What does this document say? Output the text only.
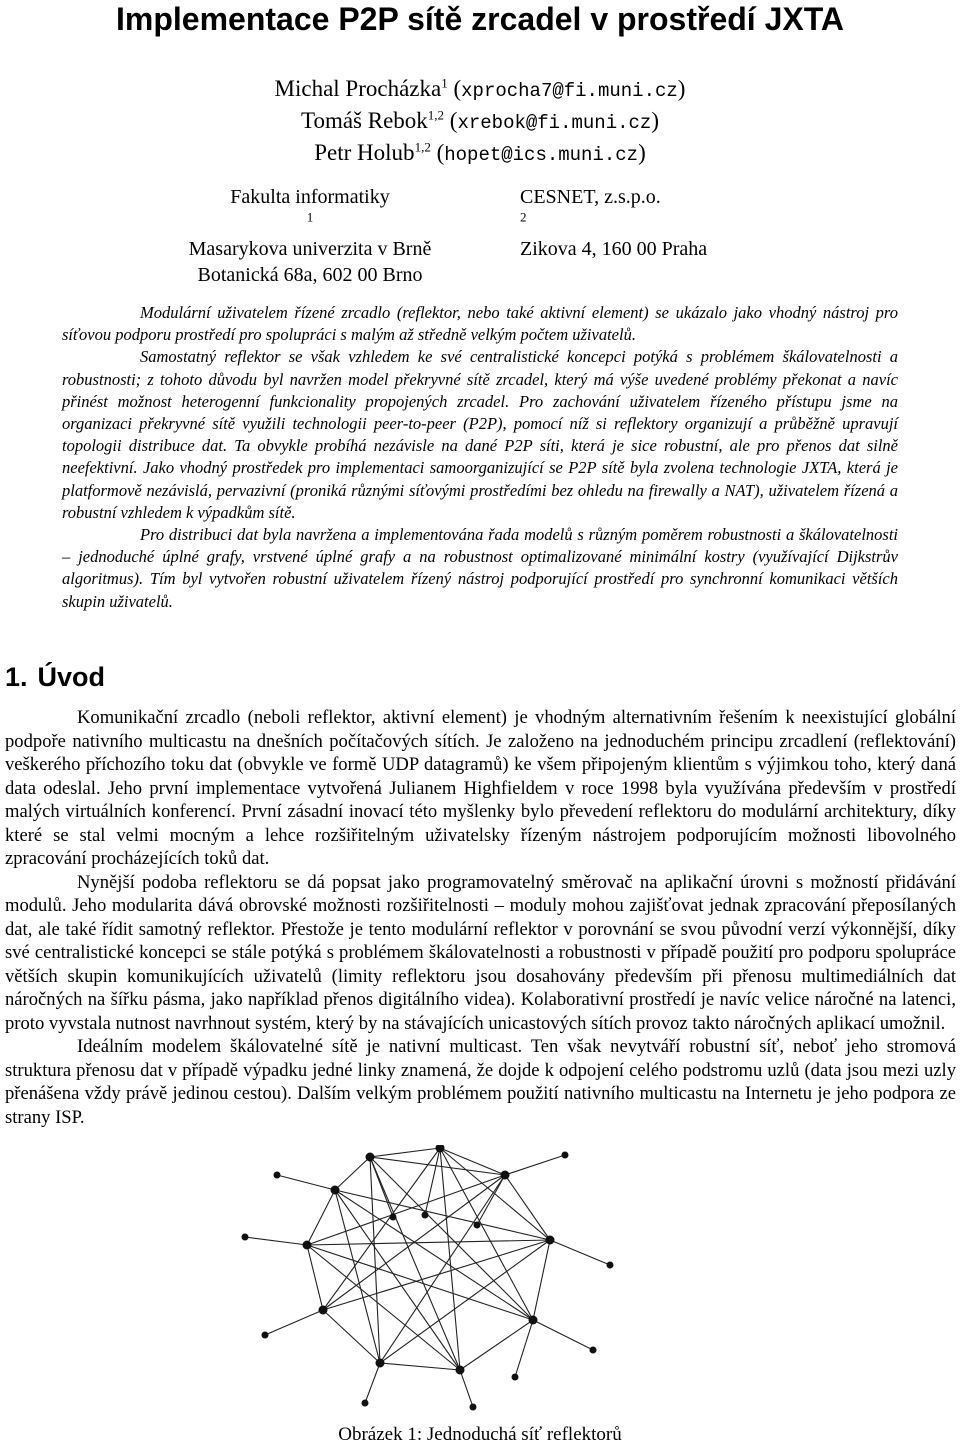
Implementace P2P sítě zrcadel v prostředí JXTA
Michal Procházka$^1$ (xprocha7@fi.muni.cz)
Tomáš Rebok$^{1,2}$ (xrebok@fi.muni.cz)
Petr Holub$^{1,2}$ (hopet@ics.muni.cz)
Fakulta informatiky
$^1$
Masarykova univerzita v Brně
Botanická 68a, 602 00 Brno
CESNET, z.s.p.o.
$^2$
Zikova 4, 160 00 Praha

Modulární uživatelem řízené zrcadlo (reflektor, nebo také aktivní element) se ukázalo jako vhodný nástroj pro síťovou podporu prostředí pro spolupráci s malým až středně velkým počtem uživatelů.

Samostatný reflektor se však vzhledem ke své centralistické koncepci potýká s problémem škálovatelnosti a robustnosti; z tohoto důvodu byl navržen model překryvné sítě zrcadel, který má výše uvedené problémy překonat a navíc přinést možnost heterogenní funkcionality propojených zrcadel. Pro zachování uživatelem řízeného přístupu jsme na organizaci překryvné sítě využili technologii peer-to-peer (P2P), pomocí níž si reflektory organizují a průběžně upravují topologii distribuce dat. Ta obvykle probíhá nezávisle na dané P2P síti, která je sice robustní, ale pro přenos dat silně neefektivní. Jako vhodný prostředek pro implementaci samoorganizující se P2P sítě byla zvolena technologie JXTA, která je platformově nezávislá, pervazivní (proniká různými síťovými prostředími bez ohledu na firewally a NAT), uživatelem řízená a robustní vzhledem k výpadkům sítě.

Pro distribuci dat byla navržena a implementována řada modelů s různým poměrem robustnosti a škálovatelnosti – jednoduché úplné grafy, vrstvené úplné grafy a na robustnost optimalizované minimální kostry (využívající Dijkstrův algoritmus). Tím byl vytvořen robustní uživatelem řízený nástroj podporující prostředí pro synchronní komunikaci větších skupin uživatelů.

1. Úvod

Komunikační zrcadlo (neboli reflektor, aktivní element) je vhodným alternativním řešením k neexistující globální podpoře nativního multicastu na dnešních počítačových sítích. Je založeno na jednoduchém principu zrcadlení (reflektování) veškerého příchozího toku dat (obvykle ve formě UDP datagramů) ke všem připojeným klientům s výjimkou toho, který daná data odeslal. Jeho první implementace vytvořená Julianem Highfieldem v roce 1998 byla využívána především v prostředí malých virtuálních konferencí. První zásadní inovací této myšlenky bylo převedení reflektoru do modulární architektury, díky které se stal velmi mocným a lehce rozšiřitelným uživatelsky řízeným nástrojem podporujícím možnosti libovolného zpracování procházejících toků dat.

Nynější podoba reflektoru se dá popsat jako programovatelný směrovač na aplikační úrovni s možností přidávání modulů. Jeho modularita dává obrovské možnosti rozšiřitelnosti – moduly mohou zajišťovat jednak zpracování přeposílaných dat, ale také řídit samotný reflektor. Přestože je tento modulární reflektor v porovnání se svou původní verzí výkonnější, díky své centralistické koncepci se stále potýká s problémem škálovatelnosti a robustnosti v případě použití pro podporu spolupráce větších skupin komunikujících uživatelů (limity reflektoru jsou dosahovány především při přenosu multimediálních dat náročných na šířku pásma, jako například přenos digitálního videa). Kolaborativní prostředí je navíc velice náročné na latenci, proto vyvstala nutnost navrhnout systém, který by na stávajících unicastových sítích provoz takto náročných aplikací umožnil.

Ideálním modelem škálovatelné sítě je nativní multicast. Ten však nevytváří robustní síť, neboť jeho stromová struktura přenosu dat v případě výpadku jedné linky znamená, že dojde k odpojení celého podstromu uzlů (data jsou mezi uzly přenášena vždy právě jedinou cestou). Dalším velkým problémem použití nativního multicastu na Internetu je jeho podpora ze strany ISP.

Obrázek 1: Jednoduchá síť reflektorů
